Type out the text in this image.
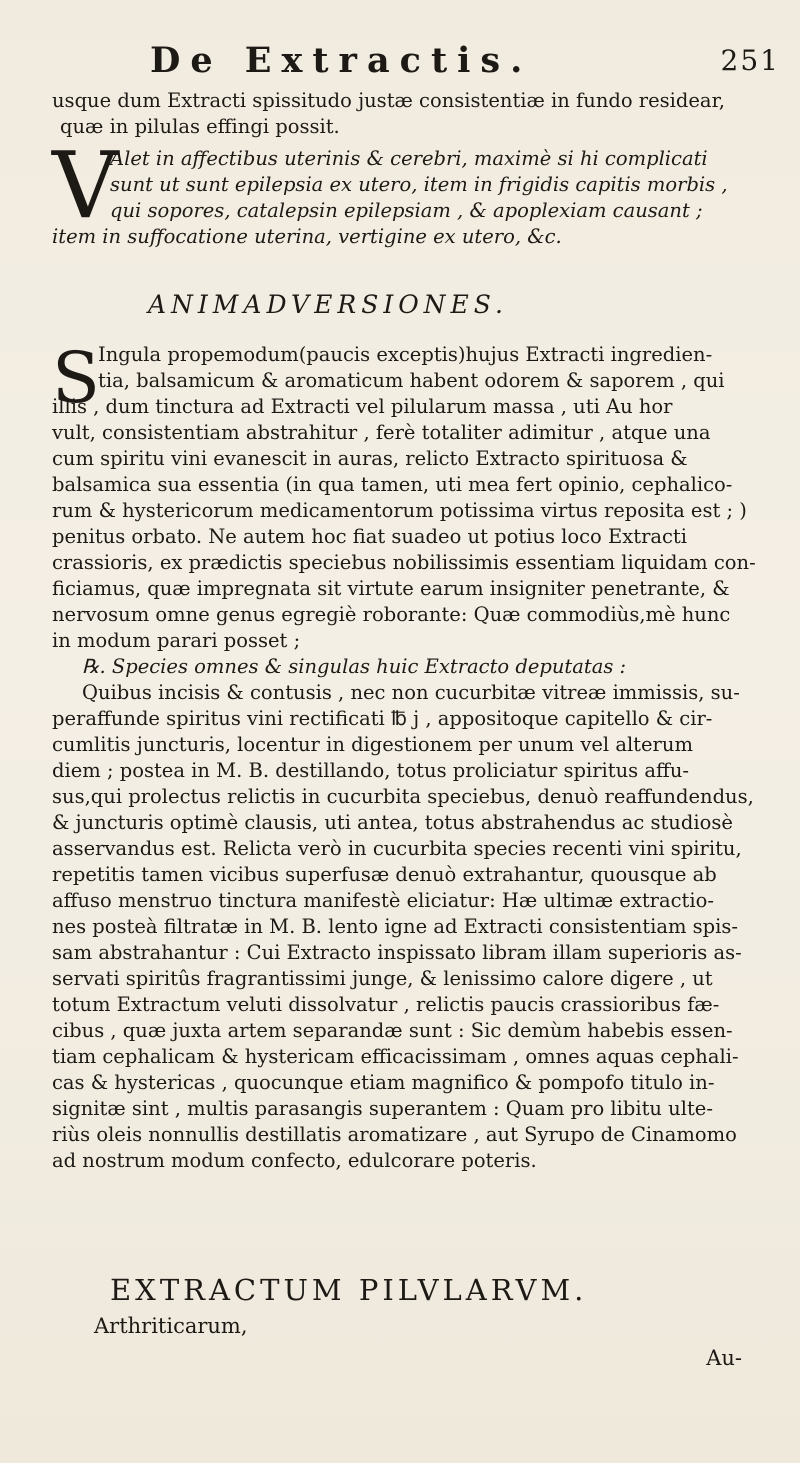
De Extractis.	251
usque dum Extracti spissitudo justæ consistentiæ in fundo residear,
quæ in pilulas effingi possit.
V
Alet in affectibus uterinis & cerebri, maximè si hi complicati
sunt ut sunt epilepsia ex utero, item in frigidis capitis morbis ,
qui sopores, catalepsin epilepsiam , & apoplexiam causant ;
item in suffocatione uterina, vertigine ex utero, &c.
ANIMADVERSIONES.
S
Ingula propemodum(paucis exceptis)hujus Extracti ingredien-
tia, balsamicum & aromaticum habent odorem & saporem , qui
illis , dum tinctura ad Extracti vel pilularum massa , uti Au hor
vult, consistentiam abstrahitur , ferè totaliter adimitur , atque una
cum spiritu vini evanescit in auras, relicto Extracto spirituosa &
balsamica sua essentia (in qua tamen, uti mea fert opinio, cephalico-
rum & hystericorum medicamentorum potissima virtus reposita est ; )
penitus orbato. Ne autem hoc fiat suadeo ut potius loco Extracti
crassioris, ex prædictis speciebus nobilissimis essentiam liquidam con-
ficiamus, quæ impregnata sit virtute earum insigniter penetrante, &
nervosum omne genus egregiè roborante: Quæ commodiùs,mè hunc
in modum parari posset ;
℞. Species omnes & singulas huic Extracto deputatas :
Quibus incisis & contusis , nec non cucurbitæ vitreæ immissis, su-
peraffunde spiritus vini rectificati ℔ j , appositoque capitello & cir-
cumlitis juncturis, locentur in digestionem per unum vel alterum
diem ; postea in M. B. destillando, totus proliciatur spiritus affu-
sus,qui prolectus relictis in cucurbita speciebus, denuò reaffundendus,
& juncturis optimè clausis, uti antea, totus abstrahendus ac studiosè
asservandus est. Relicta verò in cucurbita species recenti vini spiritu,
repetitis tamen vicibus superfusæ denuò extrahantur, quousque ab
affuso menstruo tinctura manifestè eliciatur: Hæ ultimæ extractio-
nes posteà filtratæ in M. B. lento igne ad Extracti consistentiam spis-
sam abstrahantur : Cui Extracto inspissato libram illam superioris as-
servati spiritûs fragrantissimi junge, & lenissimo calore digere , ut
totum Extractum veluti dissolvatur , relictis paucis crassioribus fæ-
cibus , quæ juxta artem separandæ sunt : Sic demùm habebis essen-
tiam cephalicam & hystericam efficacissimam , omnes aquas cephali-
cas & hystericas , quocunque etiam magnifico & pompofo titulo in-
signitæ sint , multis parasangis superantem : Quam pro libitu ulte-
riùs oleis nonnullis destillatis aromatizare , aut Syrupo de Cinamomo
ad nostrum modum confecto, edulcorare poteris.
EXTRACTUM PILVLARVM.
Arthriticarum,
Au-
